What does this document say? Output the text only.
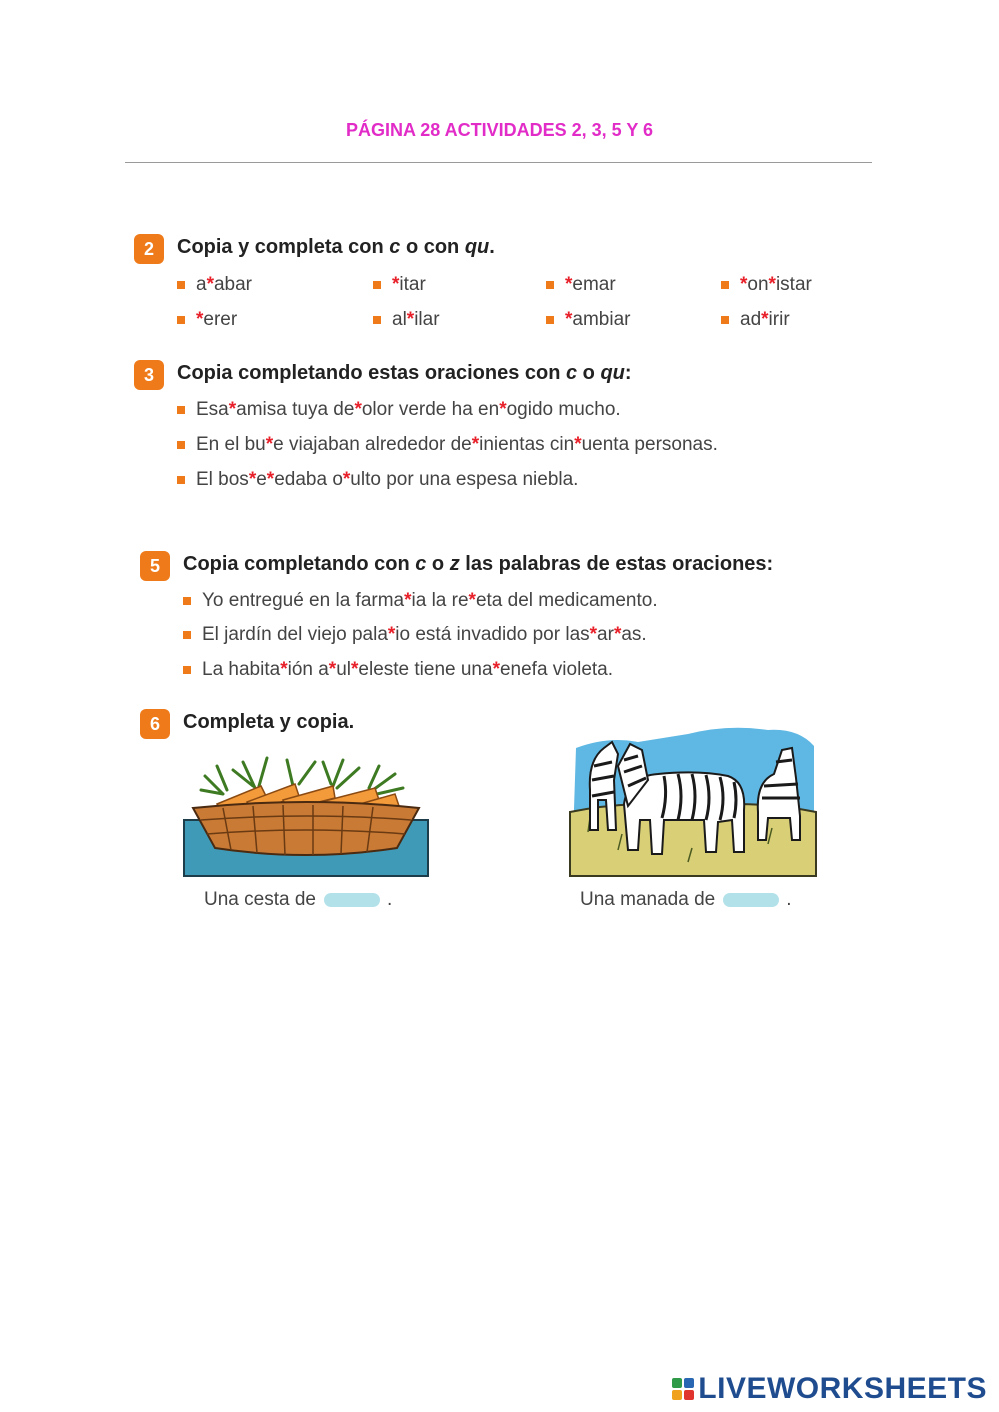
PÁGINA 28 ACTIVIDADES 2, 3, 5 Y 6
2	Copia y completa con c o con qu.
a * abar	* itar	* emar	* on * istar
* erer	al * ilar	* ambiar	ad * irir
3	Copia completando estas oraciones con c o qu:
Esa * amisa tuya de * olor verde ha en * ogido mucho.
En el bu * e viajaban alrededor de * inientas cin * uenta personas.
El bos * e * edaba o * ulto por una espesa niebla.
5	Copia completando con c o z las palabras de estas oraciones:
Yo entregué en la farma * ia la re * eta del medicamento.
El jardín del viejo pala * io está invadido por las * ar * as.
La habita * ión a * ul * eleste tiene una * enefa violeta.
6	Completa y copia.
Una cesta de	.	Una manada de	.
LIVEWORKSHEETS
